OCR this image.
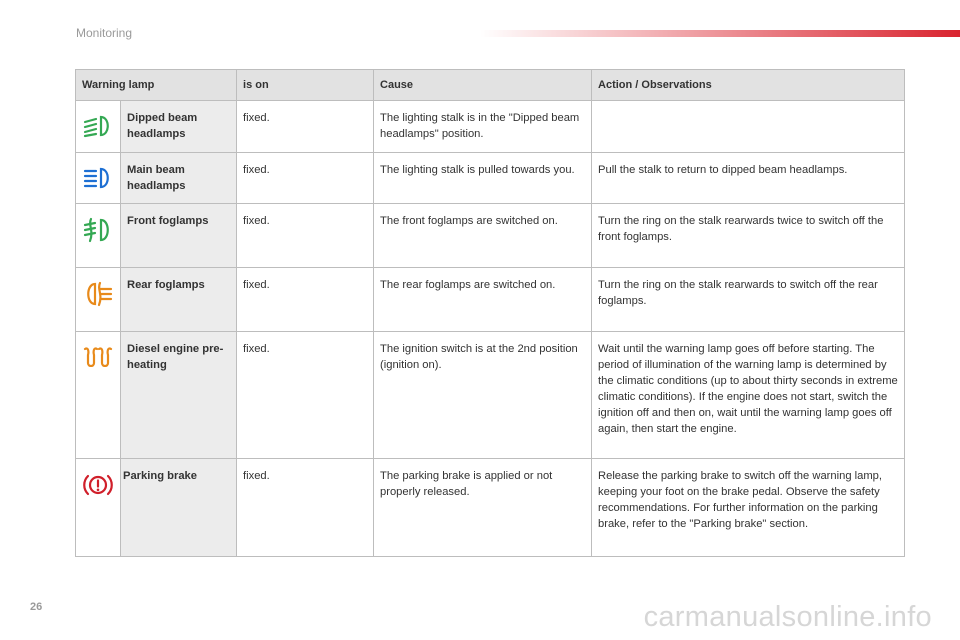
Monitoring
Warning lamp		is on	Cause	Action / Observations

	Dipped beam headlamps	fixed.	The lighting stalk is in the "Dipped beam headlamps" position.	

	Main beam headlamps	fixed.	The lighting stalk is pulled towards you.	Pull the stalk to return to dipped beam headlamps.

	Front foglamps	fixed.	The front foglamps are switched on.	Turn the ring on the stalk rearwards twice to switch off the front foglamps.

	Rear foglamps	fixed.	The rear foglamps are switched on.	Turn the ring on the stalk rearwards to switch off the rear foglamps.

	Diesel engine pre-heating	fixed.	The ignition switch is at the 2nd position (ignition on).	Wait until the warning lamp goes off before starting. The period of illumination of the warning lamp is determined by the climatic conditions (up to about thirty seconds in extreme climatic conditions). If the engine does not start, switch the ignition off and then on, wait until the warning lamp goes off again, then start the engine.

	Parking brake	fixed.	The parking brake is applied or not properly released.	Release the parking brake to switch off the warning lamp, keeping your foot on the brake pedal. Observe the safety recommendations. For further information on the parking brake, refer to the "Parking brake" section.
26	carmanualsonline.info
